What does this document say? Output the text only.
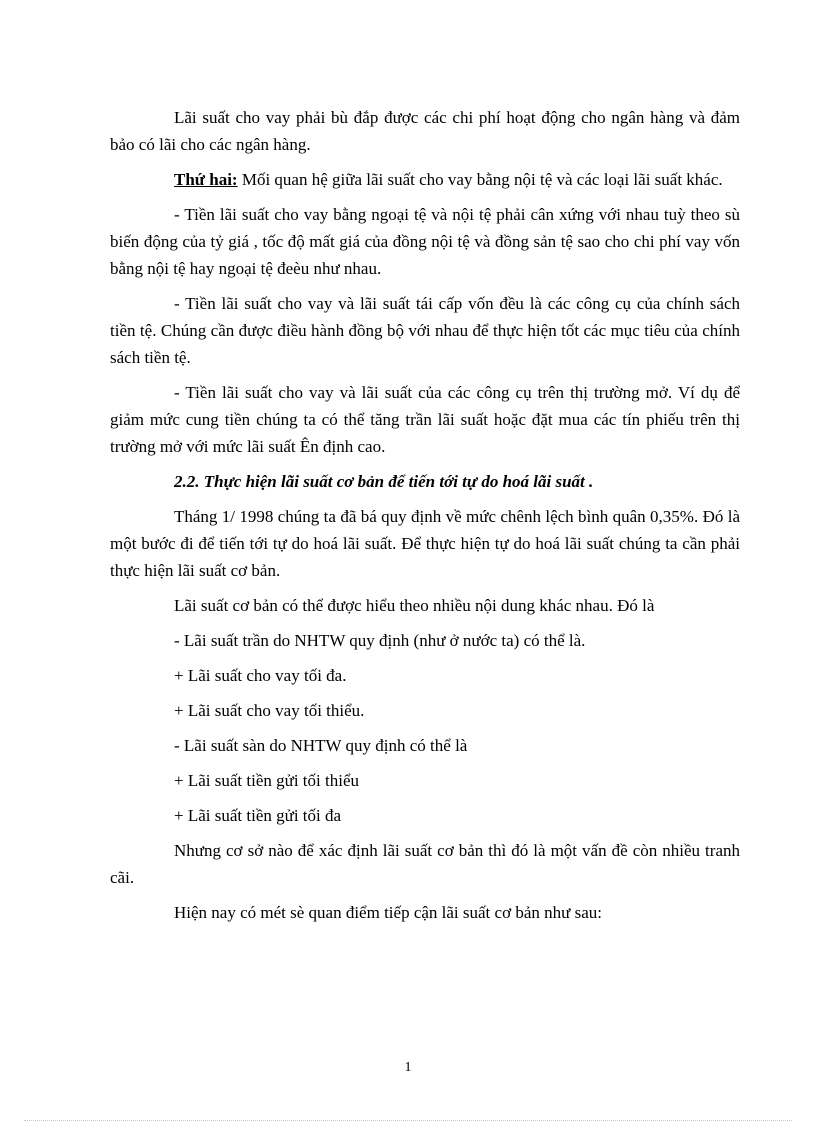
Lãi suất cho vay phải bù đắp được các chi phí hoạt động cho ngân hàng và đảm bảo có lãi cho các ngân hàng.

Thứ hai: Mối quan hệ giữa lãi suất cho vay bằng nội tệ và các loại lãi suất khác.

- Tiền lãi suất cho vay bằng ngoại tệ và nội tệ phải cân xứng với nhau tuỳ theo sù biến động của tỷ giá , tốc độ mất giá của đồng nội tệ và đồng sản tệ sao cho chi phí vay vốn bằng nội tệ hay ngoại tệ đeèu như nhau.

- Tiền lãi suất cho vay và lãi suất tái cấp vốn đều là các công cụ của chính sách tiền tệ. Chúng cần được điều hành đồng bộ với nhau để thực hiện tốt các mục tiêu của chính sách tiền tệ.

- Tiền lãi suất cho vay và lãi suất của các công cụ trên thị trường mở. Ví dụ để giảm mức cung tiền chúng ta có thể tăng trần lãi suất hoặc đặt mua các tín phiếu trên thị trường mở với mức lãi suất Ên định cao.

2.2. Thực hiện lãi suất cơ bản để tiến tới tự do hoá lãi suất .

Tháng 1/ 1998 chúng ta đã bá quy định về mức chênh lệch bình quân 0,35%. Đó là một bước đi để tiến tới tự do hoá lãi suất. Để thực hiện tự do hoá lãi suất chúng ta cần phải thực hiện lãi suất cơ bản.

Lãi suất cơ bản có thể được hiểu theo nhiều nội dung khác nhau. Đó là

- Lãi suất trần do NHTW quy định (như ở nước ta) có thể là.

+ Lãi suất cho vay tối đa.

+ Lãi suất cho vay tối thiểu.

- Lãi suất sàn do NHTW quy định có thể là

+ Lãi suất tiền gửi tối thiểu

+ Lãi suất tiền gửi tối đa

Nhưng cơ sở nào để xác định lãi suất cơ bản thì đó là một vấn đề còn nhiều tranh cãi.

Hiện nay có mét sè quan điểm tiếp cận lãi suất cơ bản như sau:

1
